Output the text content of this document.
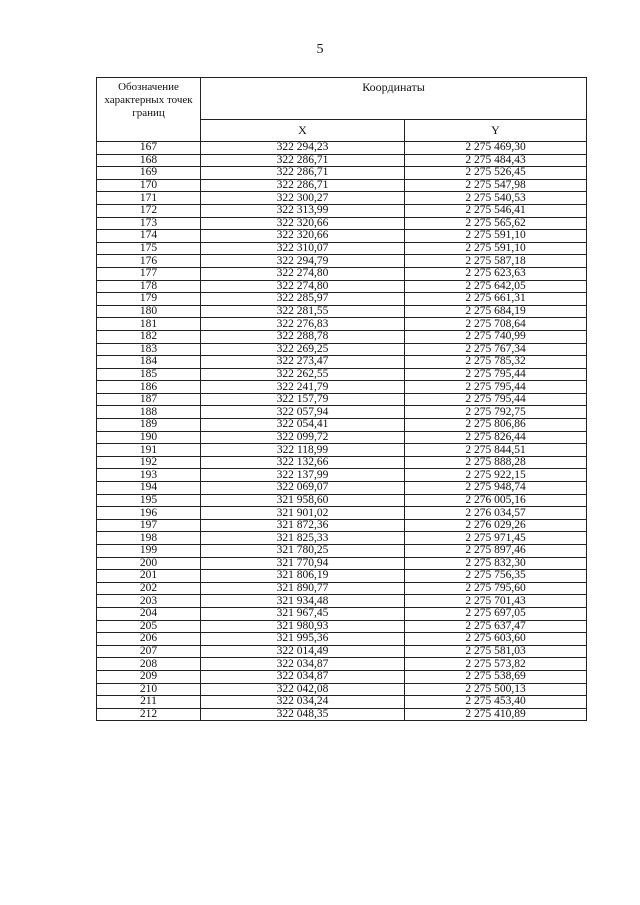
5
Обозначение характерных точек границ	Координаты	
	X	Y
167	322 294,23	2 275 469,30
168	322 286,71	2 275 484,43
169	322 286,71	2 275 526,45
170	322 286,71	2 275 547,98
171	322 300,27	2 275 540,53
172	322 313,99	2 275 546,41
173	322 320,66	2 275 565,62
174	322 320,66	2 275 591,10
175	322 310,07	2 275 591,10
176	322 294,79	2 275 587,18
177	322 274,80	2 275 623,63
178	322 274,80	2 275 642,05
179	322 285,97	2 275 661,31
180	322 281,55	2 275 684,19
181	322 276,83	2 275 708,64
182	322 288,78	2 275 740,99
183	322 269,25	2 275 767,34
184	322 273,47	2 275 785,32
185	322 262,55	2 275 795,44
186	322 241,79	2 275 795,44
187	322 157,79	2 275 795,44
188	322 057,94	2 275 792,75
189	322 054,41	2 275 806,86
190	322 099,72	2 275 826,44
191	322 118,99	2 275 844,51
192	322 132,66	2 275 888,28
193	322 137,99	2 275 922,15
194	322 069,07	2 275 948,74
195	321 958,60	2 276 005,16
196	321 901,02	2 276 034,57
197	321 872,36	2 276 029,26
198	321 825,33	2 275 971,45
199	321 780,25	2 275 897,46
200	321 770,94	2 275 832,30
201	321 806,19	2 275 756,35
202	321 890,77	2 275 795,60
203	321 934,48	2 275 701,43
204	321 967,45	2 275 697,05
205	321 980,93	2 275 637,47
206	321 995,36	2 275 603,60
207	322 014,49	2 275 581,03
208	322 034,87	2 275 573,82
209	322 034,87	2 275 538,69
210	322 042,08	2 275 500,13
211	322 034,24	2 275 453,40
212	322 048,35	2 275 410,89
